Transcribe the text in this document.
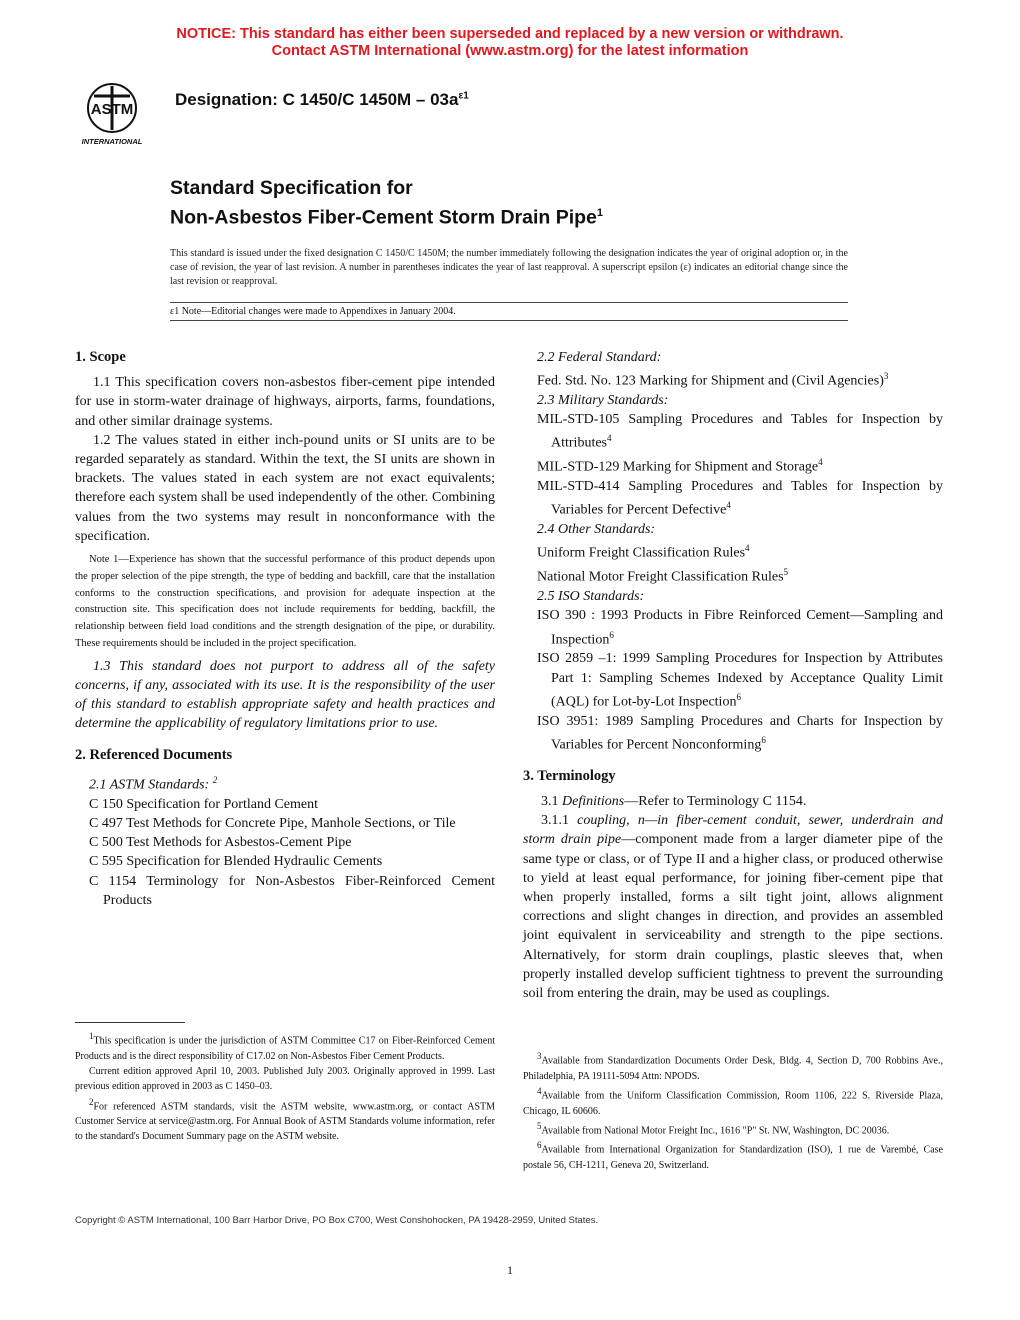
NOTICE: This standard has either been superseded and replaced by a new version or withdrawn.
Contact ASTM International (www.astm.org) for the latest information
ASTM
INTERNATIONAL
Designation: C 1450/C $1450M - 03a^{\varepsilon 1}$
Standard Specification for
Non-Asbestos Fiber-Cement Storm Drain Pipe$^1$
This standard is issued under the fixed designation C 1450/C 1450M; the number immediately following the designation indicates the year of original adoption or, in the case of revision, the year of last revision. A number in parentheses indicates the year of last reapproval. A superscript epsilon (ε) indicates an editorial change since the last revision or reapproval.
ε1 Note—Editorial changes were made to Appendixes in January 2004.
1. Scope

1.1 This specification covers non-asbestos fiber-cement pipe intended for use in storm-water drainage of highways, airports, farms, foundations, and other similar drainage systems.

1.2 The values stated in either inch-pound units or SI units are to be regarded separately as standard. Within the text, the SI units are shown in brackets. The values stated in each system are not exact equivalents; therefore each system shall be used independently of the other. Combining values from the two systems may result in nonconformance with the specification.

Note 1—Experience has shown that the successful performance of this product depends upon the proper selection of the pipe strength, the type of bedding and backfill, care that the installation conforms to the construction specifications, and provision for adequate inspection at the construction site. This specification does not include requirements for bedding, backfill, the relationship between field load conditions and the strength designation of the pipe, or durability. These requirements should be included in the project specification.

1.3 This standard does not purport to address all of the safety concerns, if any, associated with its use. It is the responsibility of the user of this standard to establish appropriate safety and health practices and determine the applicability of regulatory limitations prior to use.

2. Referenced Documents

2.1 ASTM Standards: $^2$

C 150 Specification for Portland Cement

C 497 Test Methods for Concrete Pipe, Manhole Sections, or Tile

C 500 Test Methods for Asbestos-Cement Pipe

C 595 Specification for Blended Hydraulic Cements

C 1154 Terminology for Non-Asbestos Fiber-Reinforced Cement Products

2.2 Federal Standard:

Fed. Std. No. 123 Marking for Shipment and (Civil Agencies)$^3$

2.3 Military Standards:

MIL-STD-105 Sampling Procedures and Tables for Inspection by Attributes$^4$

MIL-STD-129 Marking for Shipment and Storage$^4$

MIL-STD-414 Sampling Procedures and Tables for Inspection by Variables for Percent Defective$^4$

2.4 Other Standards:

Uniform Freight Classification Rules$^4$

National Motor Freight Classification Rules$^5$

2.5 ISO Standards:

ISO 390 : 1993 Products in Fibre Reinforced Cement—Sampling and Inspection$^6$

ISO 2859 –1: 1999 Sampling Procedures for Inspection by Attributes Part 1: Sampling Schemes Indexed by Acceptance Quality Limit (AQL) for Lot-by-Lot Inspection$^6$

ISO 3951: 1989 Sampling Procedures and Charts for Inspection by Variables for Percent Nonconforming$^6$

3. Terminology

3.1 Definitions—Refer to Terminology C 1154.

3.1.1 coupling, n—in fiber-cement conduit, sewer, underdrain and storm drain pipe—component made from a larger diameter pipe of the same type or class, or of Type II and a higher class, or produced otherwise to yield at least equal performance, for joining fiber-cement pipe that when properly installed, forms a silt tight joint, allows alignment corrections and slight changes in direction, and provides an assembled joint equivalent in serviceability and strength to the pipe sections. Alternatively, for storm drain couplings, plastic sleeves that, when properly installed develop sufficient tightness to prevent the surrounding soil from entering the drain, may be used as couplings.

$^1$This specification is under the jurisdiction of ASTM Committee C17 on Fiber-Reinforced Cement Products and is the direct responsibility of C17.02 on Non-Asbestos Fiber Cement Products.

Current edition approved April 10, 2003. Published July 2003. Originally approved in 1999. Last previous edition approved in 2003 as C 1450–03.

$^2$For referenced ASTM standards, visit the ASTM website, www.astm.org, or contact ASTM Customer Service at service@astm.org. For Annual Book of ASTM Standards volume information, refer to the standard's Document Summary page on the ASTM website.

$^3$Available from Standardization Documents Order Desk, Bldg. 4, Section D, 700 Robbins Ave., Philadelphia, PA 19111-5094 Attn: NPODS.

$^4$Available from the Uniform Classification Commission, Room 1106, 222 S. Riverside Plaza, Chicago, IL 60606.

$^5$Available from National Motor Freight Inc., 1616 "P" St. NW, Washington, DC 20036.

$^6$Available from International Organization for Standardization (ISO), 1 rue de Varembé, Case postale 56, CH-1211, Geneva 20, Switzerland.

Copyright © ASTM International, 100 Barr Harbor Drive, PO Box C700, West Conshohocken, PA 19428-2959, United States.
1
